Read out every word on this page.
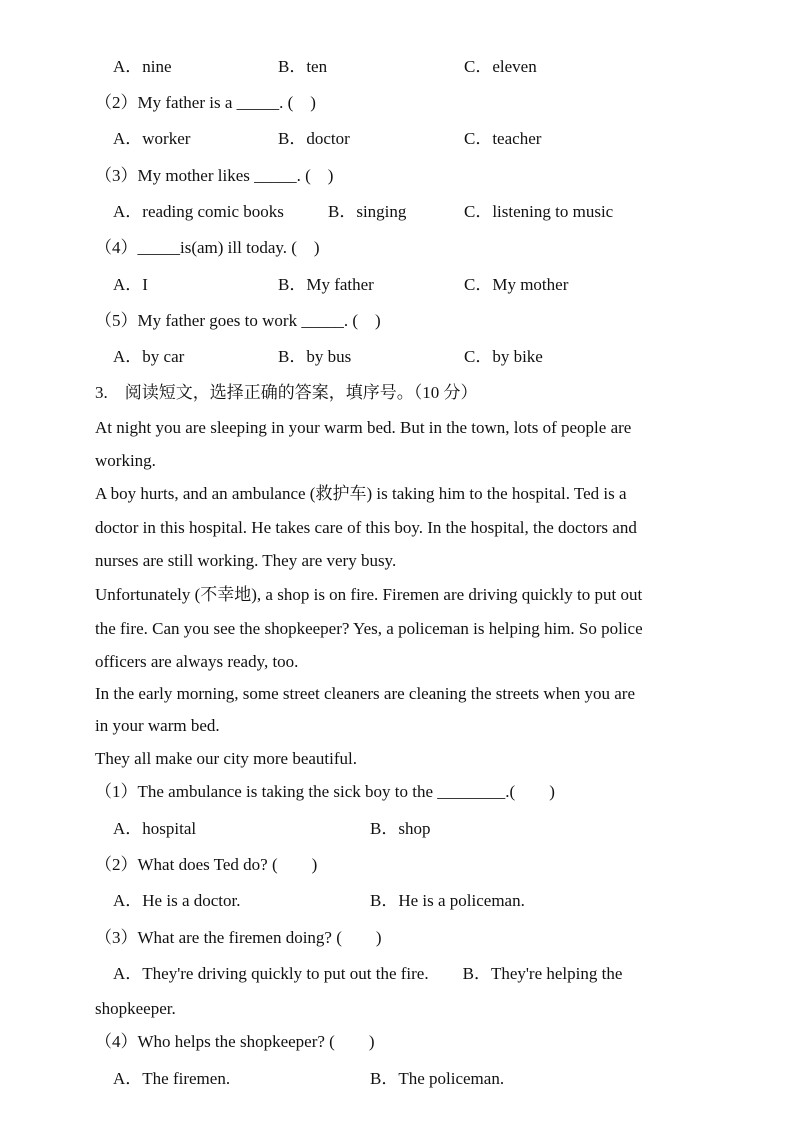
A．nine	B．ten	C．eleven
（2）My father is a _____. (　)
A．worker	B．doctor	C．teacher
（3）My mother likes _____. (　)
A．reading comic books	B．singing	C．listening to music
（4）_____is(am) ill today. (　)
A．I	B．My father	C．My mother
（5）My father goes to work _____. (　)
A．by car	B．by bus	C．by bike
3.　阅读短文，选择正确的答案，填序号。（10 分）
At night you are sleeping in your warm bed. But in the town, lots of people are
working.
A boy hurts, and an ambulance (救护车) is taking him to the hospital. Ted is a
doctor in this hospital. He takes care of this boy. In the hospital, the doctors and
nurses are still working. They are very busy.
Unfortunately (不幸地), a shop is on fire. Firemen are driving quickly to put out
the fire. Can you see the shopkeeper? Yes, a policeman is helping him. So police
officers are always ready, too.
In the early morning, some street cleaners are cleaning the streets when you are
in your warm bed.
They all make our city more beautiful.
（1）The ambulance is taking the sick boy to the ________.(　　)
A．hospital	B．shop
（2）What does Ted do? (　　)
A．He is a doctor.	B．He is a policeman.
（3）What are the firemen doing? (　　)
A．They're driving quickly to put out the fire.　　B．They're helping the
shopkeeper.
（4）Who helps the shopkeeper? (　　)
A．The firemen.	B．The policeman.
